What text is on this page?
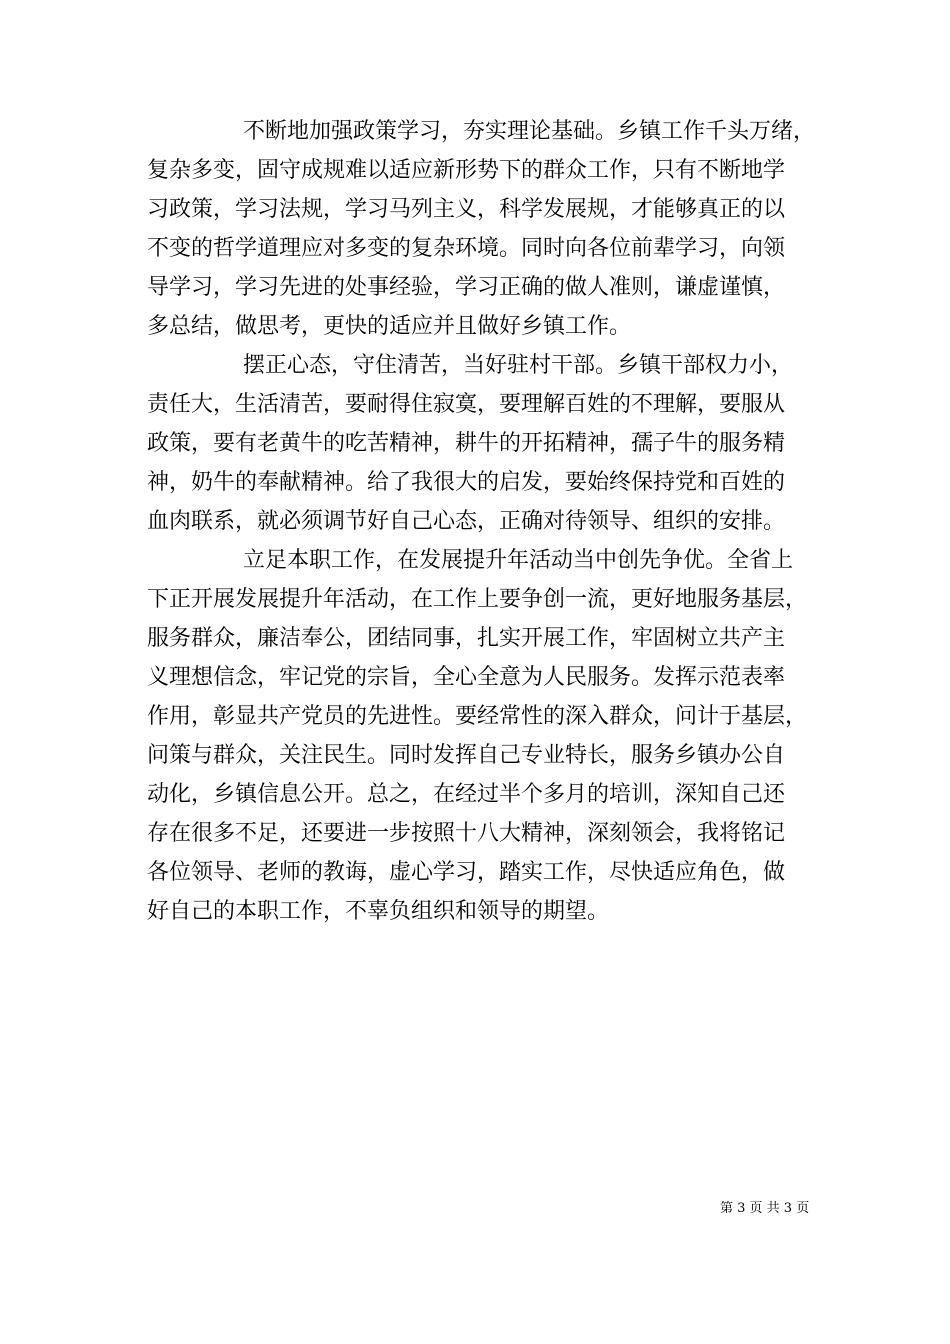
不断地加强政策学习，夯实理论基础。乡镇工作千头万绪，
复杂多变，固守成规难以适应新形势下的群众工作，只有不断地学
习政策，学习法规，学习马列主义，科学发展规，才能够真正的以
不变的哲学道理应对多变的复杂环境。同时向各位前辈学习，向领
导学习，学习先进的处事经验，学习正确的做人准则，谦虚谨慎，
多总结，做思考，更快的适应并且做好乡镇工作。
摆正心态，守住清苦，当好驻村干部。乡镇干部权力小，
责任大，生活清苦，要耐得住寂寞，要理解百姓的不理解，要服从
政策，要有老黄牛的吃苦精神，耕牛的开拓精神，孺子牛的服务精
神，奶牛的奉献精神。给了我很大的启发，要始终保持党和百姓的
血肉联系，就必须调节好自己心态，正确对待领导、组织的安排。
立足本职工作，在发展提升年活动当中创先争优。全省上
下正开展发展提升年活动，在工作上要争创一流，更好地服务基层，
服务群众，廉洁奉公，团结同事，扎实开展工作，牢固树立共产主
义理想信念，牢记党的宗旨，全心全意为人民服务。发挥示范表率
作用，彰显共产党员的先进性。要经常性的深入群众，问计于基层，
问策与群众，关注民生。同时发挥自己专业特长，服务乡镇办公自
动化，乡镇信息公开。总之，在经过半个多月的培训，深知自己还
存在很多不足，还要进一步按照十八大精神，深刻领会，我将铭记
各位领导、老师的教诲，虚心学习，踏实工作，尽快适应角色，做
好自己的本职工作，不辜负组织和领导的期望。
第 3 页 共 3 页
